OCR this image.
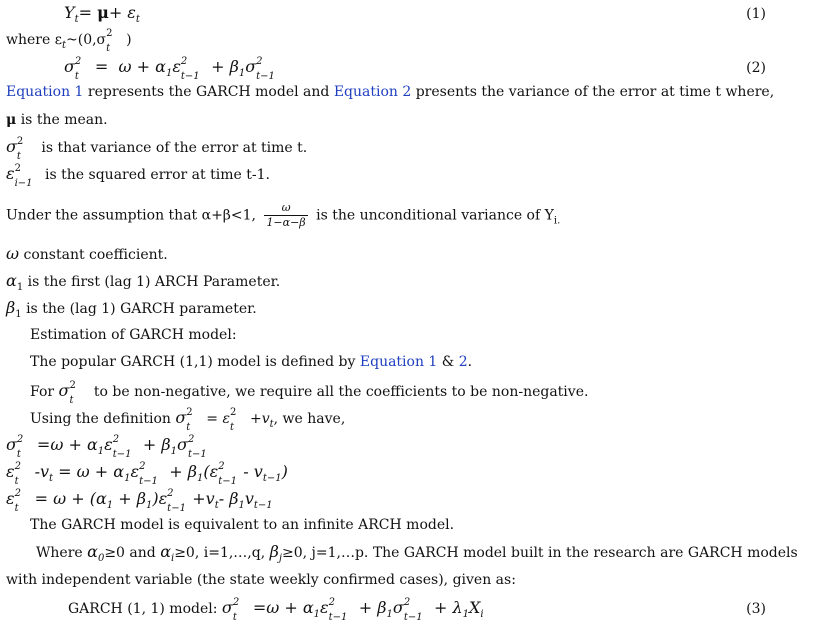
$Y_t= \mu+ \varepsilon_t$	(1)
where $\varepsilon_t\sim(0,\sigma$ 2
t
)
σ 2
$t = \omega + \alpha_1\varepsilon$ 2
$t-1 + \beta_1\sigma$ 2
t−1	(2)
Equation 1 represents the GARCH model and Equation 2 presents the variance of the error at time t where,
μ is the mean.
σ 2
t
is that variance of the error at time t.
ε 2
i−1
is the squared error at time t-1.
Under the assumption that α+β<1, $\frac{\omega}{1-\alpha-\beta}$ is the unconditional variance of $Y_{i.}$
ω constant coefficient.
$\alpha_1$ is the first (lag 1) ARCH Parameter.
$\beta_1$ is the (lag 1) GARCH parameter.
Estimation of GARCH model:
The popular GARCH (1,1) model is defined by Equation 1 & 2.
For σ 2
t
to be non-negative, we require all the coefficients to be non-negative.
Using the definition σ 2
t
= ε 2
t
$+v_t$, we have,
σ 2
$t =\omega + \alpha_1\varepsilon$ 2
$t-1 + \beta_1\sigma$ 2
t−1
ε 2
t $-v_t = \omega + \alpha_1\varepsilon$ 2
$t-1 + \beta_1(\varepsilon$ 2
$t-1 - v_{t-1}$)
ε 2
$t = \omega + (\alpha_1 + \beta_1)\varepsilon$ 2
$t-1 +v_t-$ $\beta_1v_{t-1}$
The GARCH model is equivalent to an infinite ARCH model.
Where $\alpha_0\ge 0$ and $\alpha_i\ge 0$, i=1,…,q, $\beta_j\ge 0$, j=1,…p. The GARCH model built in the research are GARCH models
with independent variable (the state weekly confirmed cases), given as:
GARCH (1, 1) model: σ 2
$t =\omega + \alpha_1\varepsilon$ 2
$t-1 + \beta_1\sigma$ 2
$t-1 + \lambda_1X_i$	(3)
